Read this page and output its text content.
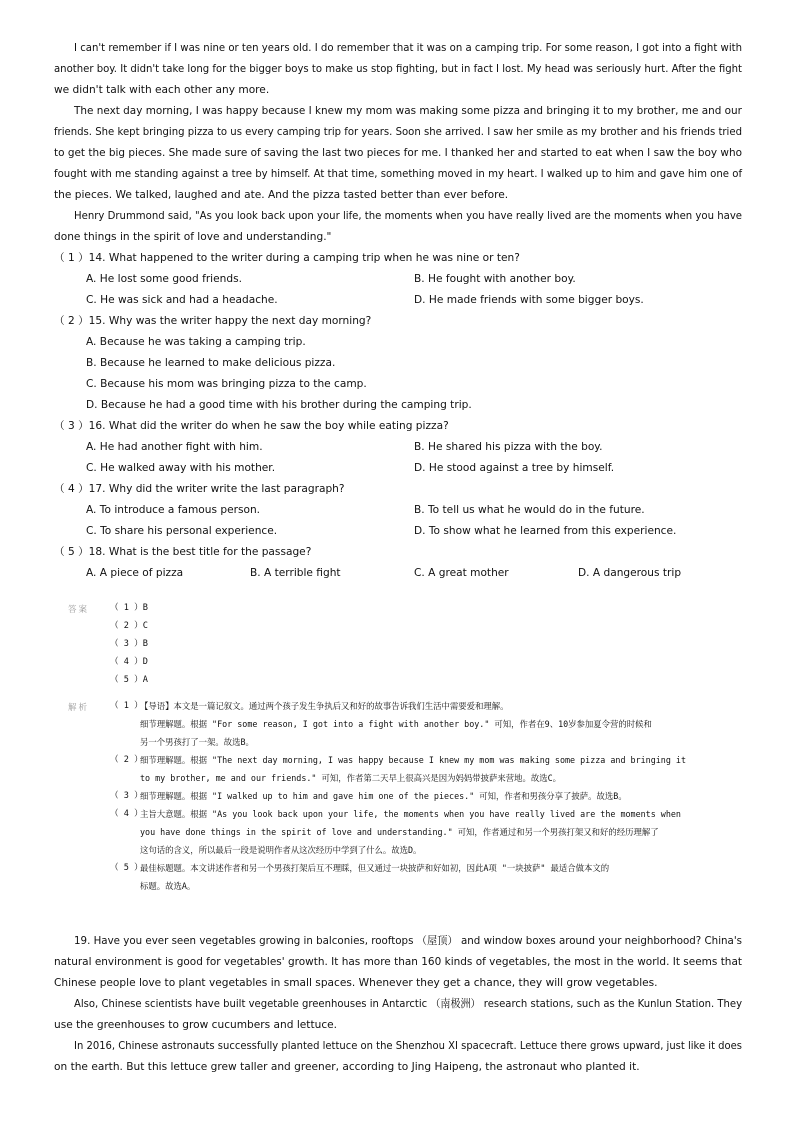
I can't remember if I was nine or ten years old. I do remember that it was on a camping trip. For some reason, I got into a fight with
another boy. It didn't take long for the bigger boys to make us stop fighting, but in fact I lost. My head was seriously hurt. After the fight
we didn't talk with each other any more.
The next day morning, I was happy because I knew my mom was making some pizza and bringing it to my brother, me and our
friends. She kept bringing pizza to us every camping trip for years. Soon she arrived. I saw her smile as my brother and his friends tried
to get the big pieces. She made sure of saving the last two pieces for me. I thanked her and started to eat when I saw the boy who
fought with me standing against a tree by himself. At that time, something moved in my heart. I walked up to him and gave him one of
the pieces. We talked, laughed and ate. And the pizza tasted better than ever before.
Henry Drummond said, "As you look back upon your life, the moments when you have really lived are the moments when you have
done things in the spirit of love and understanding."
（ 1 ）14. What happened to the writer during a camping trip when he was nine or ten?
A. He lost some good friends.	B. He fought with another boy.
C. He was sick and had a headache.	D. He made friends with some bigger boys.
（ 2 ）15. Why was the writer happy the next day morning?
A. Because he was taking a camping trip.
B. Because he learned to make delicious pizza.
C. Because his mom was bringing pizza to the camp.
D. Because he had a good time with his brother during the camping trip.
（ 3 ）16. What did the writer do when he saw the boy while eating pizza?
A. He had another fight with him.	B. He shared his pizza with the boy.
C. He walked away with his mother.	D. He stood against a tree by himself.
（ 4 ）17. Why did the writer write the last paragraph?
A. To introduce a famous person.	B. To tell us what he would do in the future.
C. To share his personal experience.	D. To show what he learned from this experience.
（ 5 ）18. What is the best title for the passage?
A. A piece of pizza	B. A terrible fight	C. A great mother	D. A dangerous trip
答案 （ 1 ）B
（ 2 ）C
（ 3 ）B
（ 4 ）D
（ 5 ）A
解析 （ 1 ）
【导语】本文是一篇记叙文。通过两个孩子发生争执后又和好的故事告诉我们生活中需要爱和理解。
细节理解题。根据 "For some reason, I got into a fight with another boy." 可知，作者在9、10岁参加夏令营的时候和
另一个男孩打了一架。故选B。
（ 2 ）
细节理解题。根据 "The next day morning, I was happy because I knew my mom was making some pizza and bringing it
to my brother, me and our friends." 可知，作者第二天早上很高兴是因为妈妈带披萨来营地。故选C。
（ 3 ）
细节理解题。根据 "I walked up to him and gave him one of the pieces." 可知，作者和男孩分享了披萨。故选B。
（ 4 ）
主旨大意题。根据 "As you look back upon your life, the moments when you have really lived are the moments when
you have done things in the spirit of love and understanding." 可知，作者通过和另一个男孩打架又和好的经历理解了
这句话的含义，所以最后一段是说明作者从这次经历中学到了什么。故选D。
（ 5 ）
最佳标题题。本文讲述作者和另一个男孩打架后互不理睬，但又通过一块披萨和好如初，因此A项 "一块披萨" 最适合做本文的
标题。故选A。
19. Have you ever seen vegetables growing in balconies, rooftops （屋顶） and window boxes around your neighborhood? China's
natural environment is good for vegetables' growth. It has more than 160 kinds of vegetables, the most in the world. It seems that
Chinese people love to plant vegetables in small spaces. Whenever they get a chance, they will grow vegetables.
Also, Chinese scientists have built vegetable greenhouses in Antarctic （南极洲） research stations, such as the Kunlun Station. They
use the greenhouses to grow cucumbers and lettuce.
In 2016, Chinese astronauts successfully planted lettuce on the Shenzhou XI spacecraft. Lettuce there grows upward, just like it does
on the earth. But this lettuce grew taller and greener, according to Jing Haipeng, the astronaut who planted it.
